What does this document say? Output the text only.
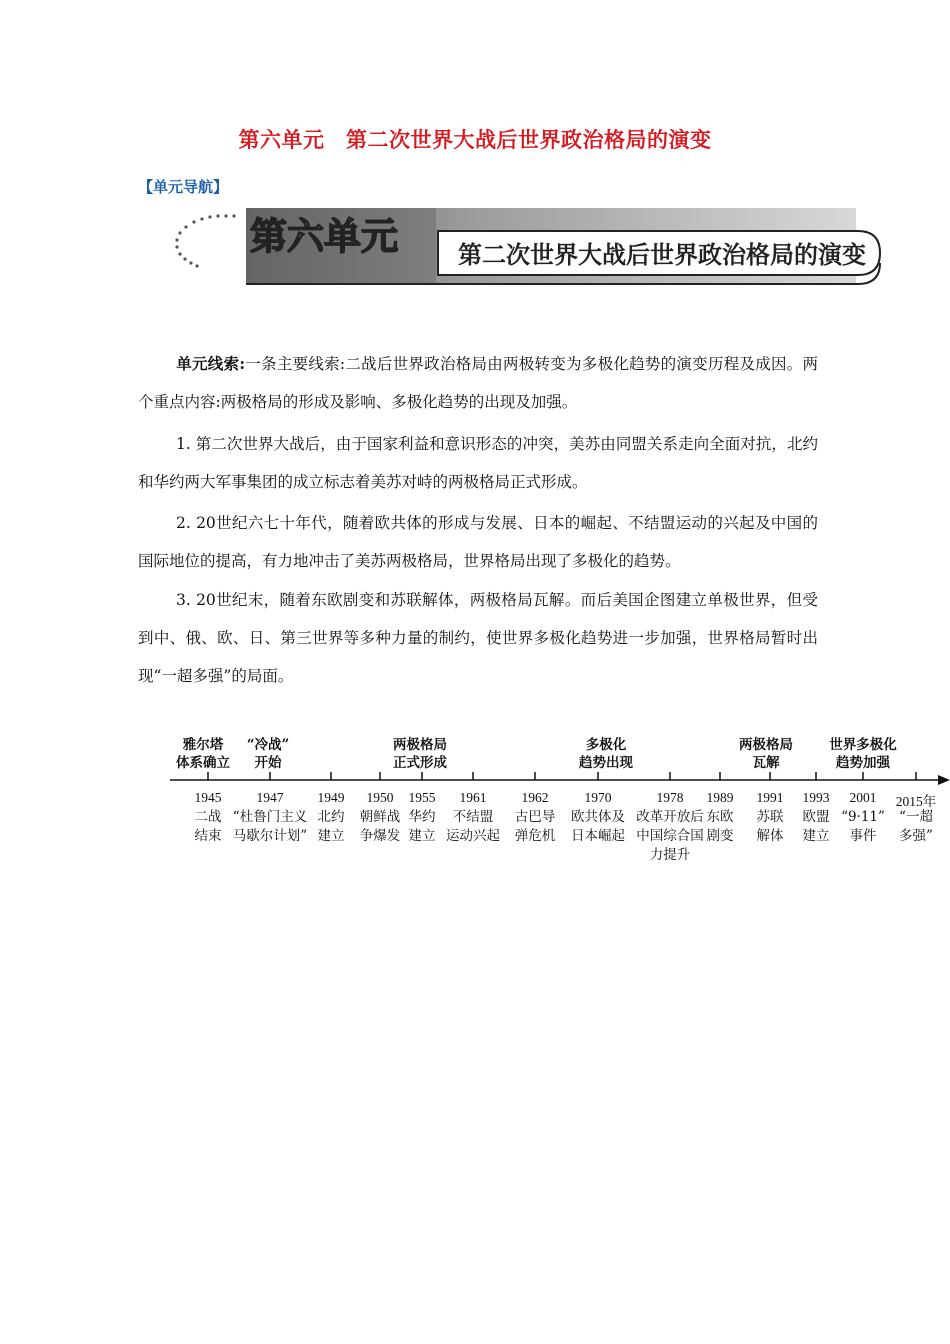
第六单元　第二次世界大战后世界政治格局的演变
【单元导航】
第六单元	第二次世界大战后世界政治格局的演变

单元线索:一条主要线索:二战后世界政治格局由两极转变为多极化趋势的演变历程及成因。两个重点内容:两极格局的形成及影响、多极化趋势的出现及加强。

1. 第二次世界大战后，由于国家利益和意识形态的冲突，美苏由同盟关系走向全面对抗，北约和华约两大军事集团的成立标志着美苏对峙的两极格局正式形成。

2. 20世纪六七十年代，随着欧共体的形成与发展、日本的崛起、不结盟运动的兴起及中国的国际地位的提高，有力地冲击了美苏两极格局，世界格局出现了多极化的趋势。

3. 20世纪末，随着东欧剧变和苏联解体，两极格局瓦解。而后美国企图建立单极世界，但受到中、俄、欧、日、第三世界等多种力量的制约，使世界多极化趋势进一步加强，世界格局暂时出现“一超多强”的局面。

雅尔塔
体系确立
“冷战”
开始
两极格局
正式形成
多极化
趋势出现
两极格局
瓦解
世界多极化
趋势加强
1945
二战
结束
1947
“杜鲁门主义
马歇尔计划”
1949
北约
建立
1950
朝鲜战
争爆发
1955
华约
建立
1961
不结盟
运动兴起
1962
古巴导
弹危机
1970
欧共体及
日本崛起
1978
改革开放后
中国综合国
力提升
1989
东欧
剧变
1991
苏联
解体
1993
欧盟
建立
2001
“9·11”
事件
2015年
“一超
多强”
